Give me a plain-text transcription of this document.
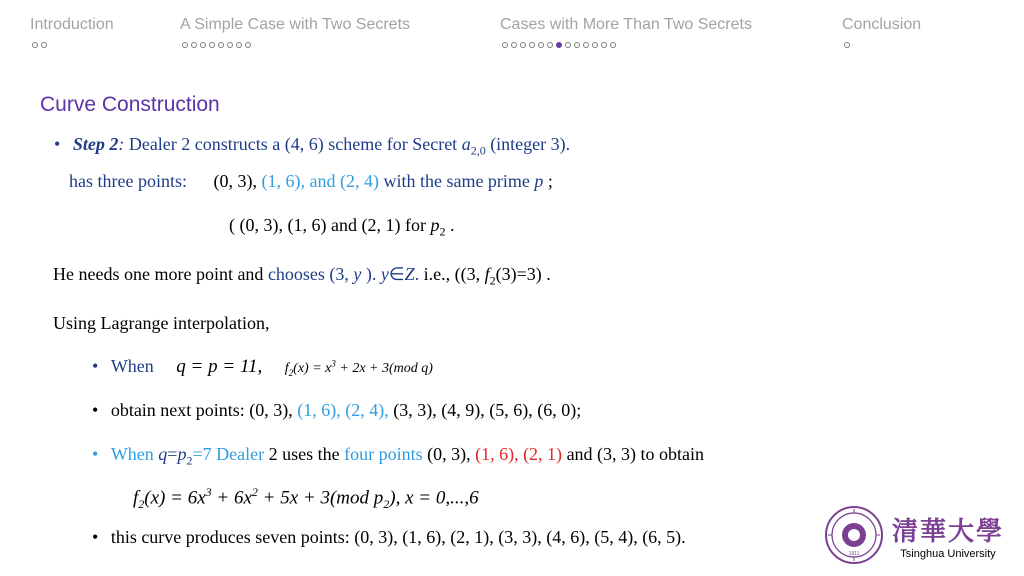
Introduction	A Simple Case with Two Secrets	Cases with More Than Two Secrets	Conclusion
Curve Construction
• Step 2: Dealer 2 constructs a (4, 6) scheme for Secret $a_{2,0}$ (integer 3).
has three points: (0, 3), (1, 6), and (2, 4) with the same prime p ;
( (0, 3), (1, 6) and (2, 1) for $p_2$ .
He needs one more point and chooses (3, y ). y∈Z. i.e., ((3, $f_2(3)=3$) .
Using Lagrange interpolation,
• When q = p = 11, $f_2(x) = x^3 + 2x + 3(mod$ q)
• obtain next points: (0, 3), (1, 6), (2, 4), (3, 3), (4, 9), (5, 6), (6, 0);
• When $q=p_2=7$ Dealer 2 uses the four points (0, 3), (1, 6), (2, 1) and (3, 3) to obtain
$f_2(x) = 6x^3 + 6x^2 + 5x + 3(mod$ $p_2$), x = 0,...,6
• this curve produces seven points: (0, 3), (1, 6), (2, 1), (3, 3), (4, 6), (5, 4), (6, 5).
1911
清華大學
Tsinghua University
